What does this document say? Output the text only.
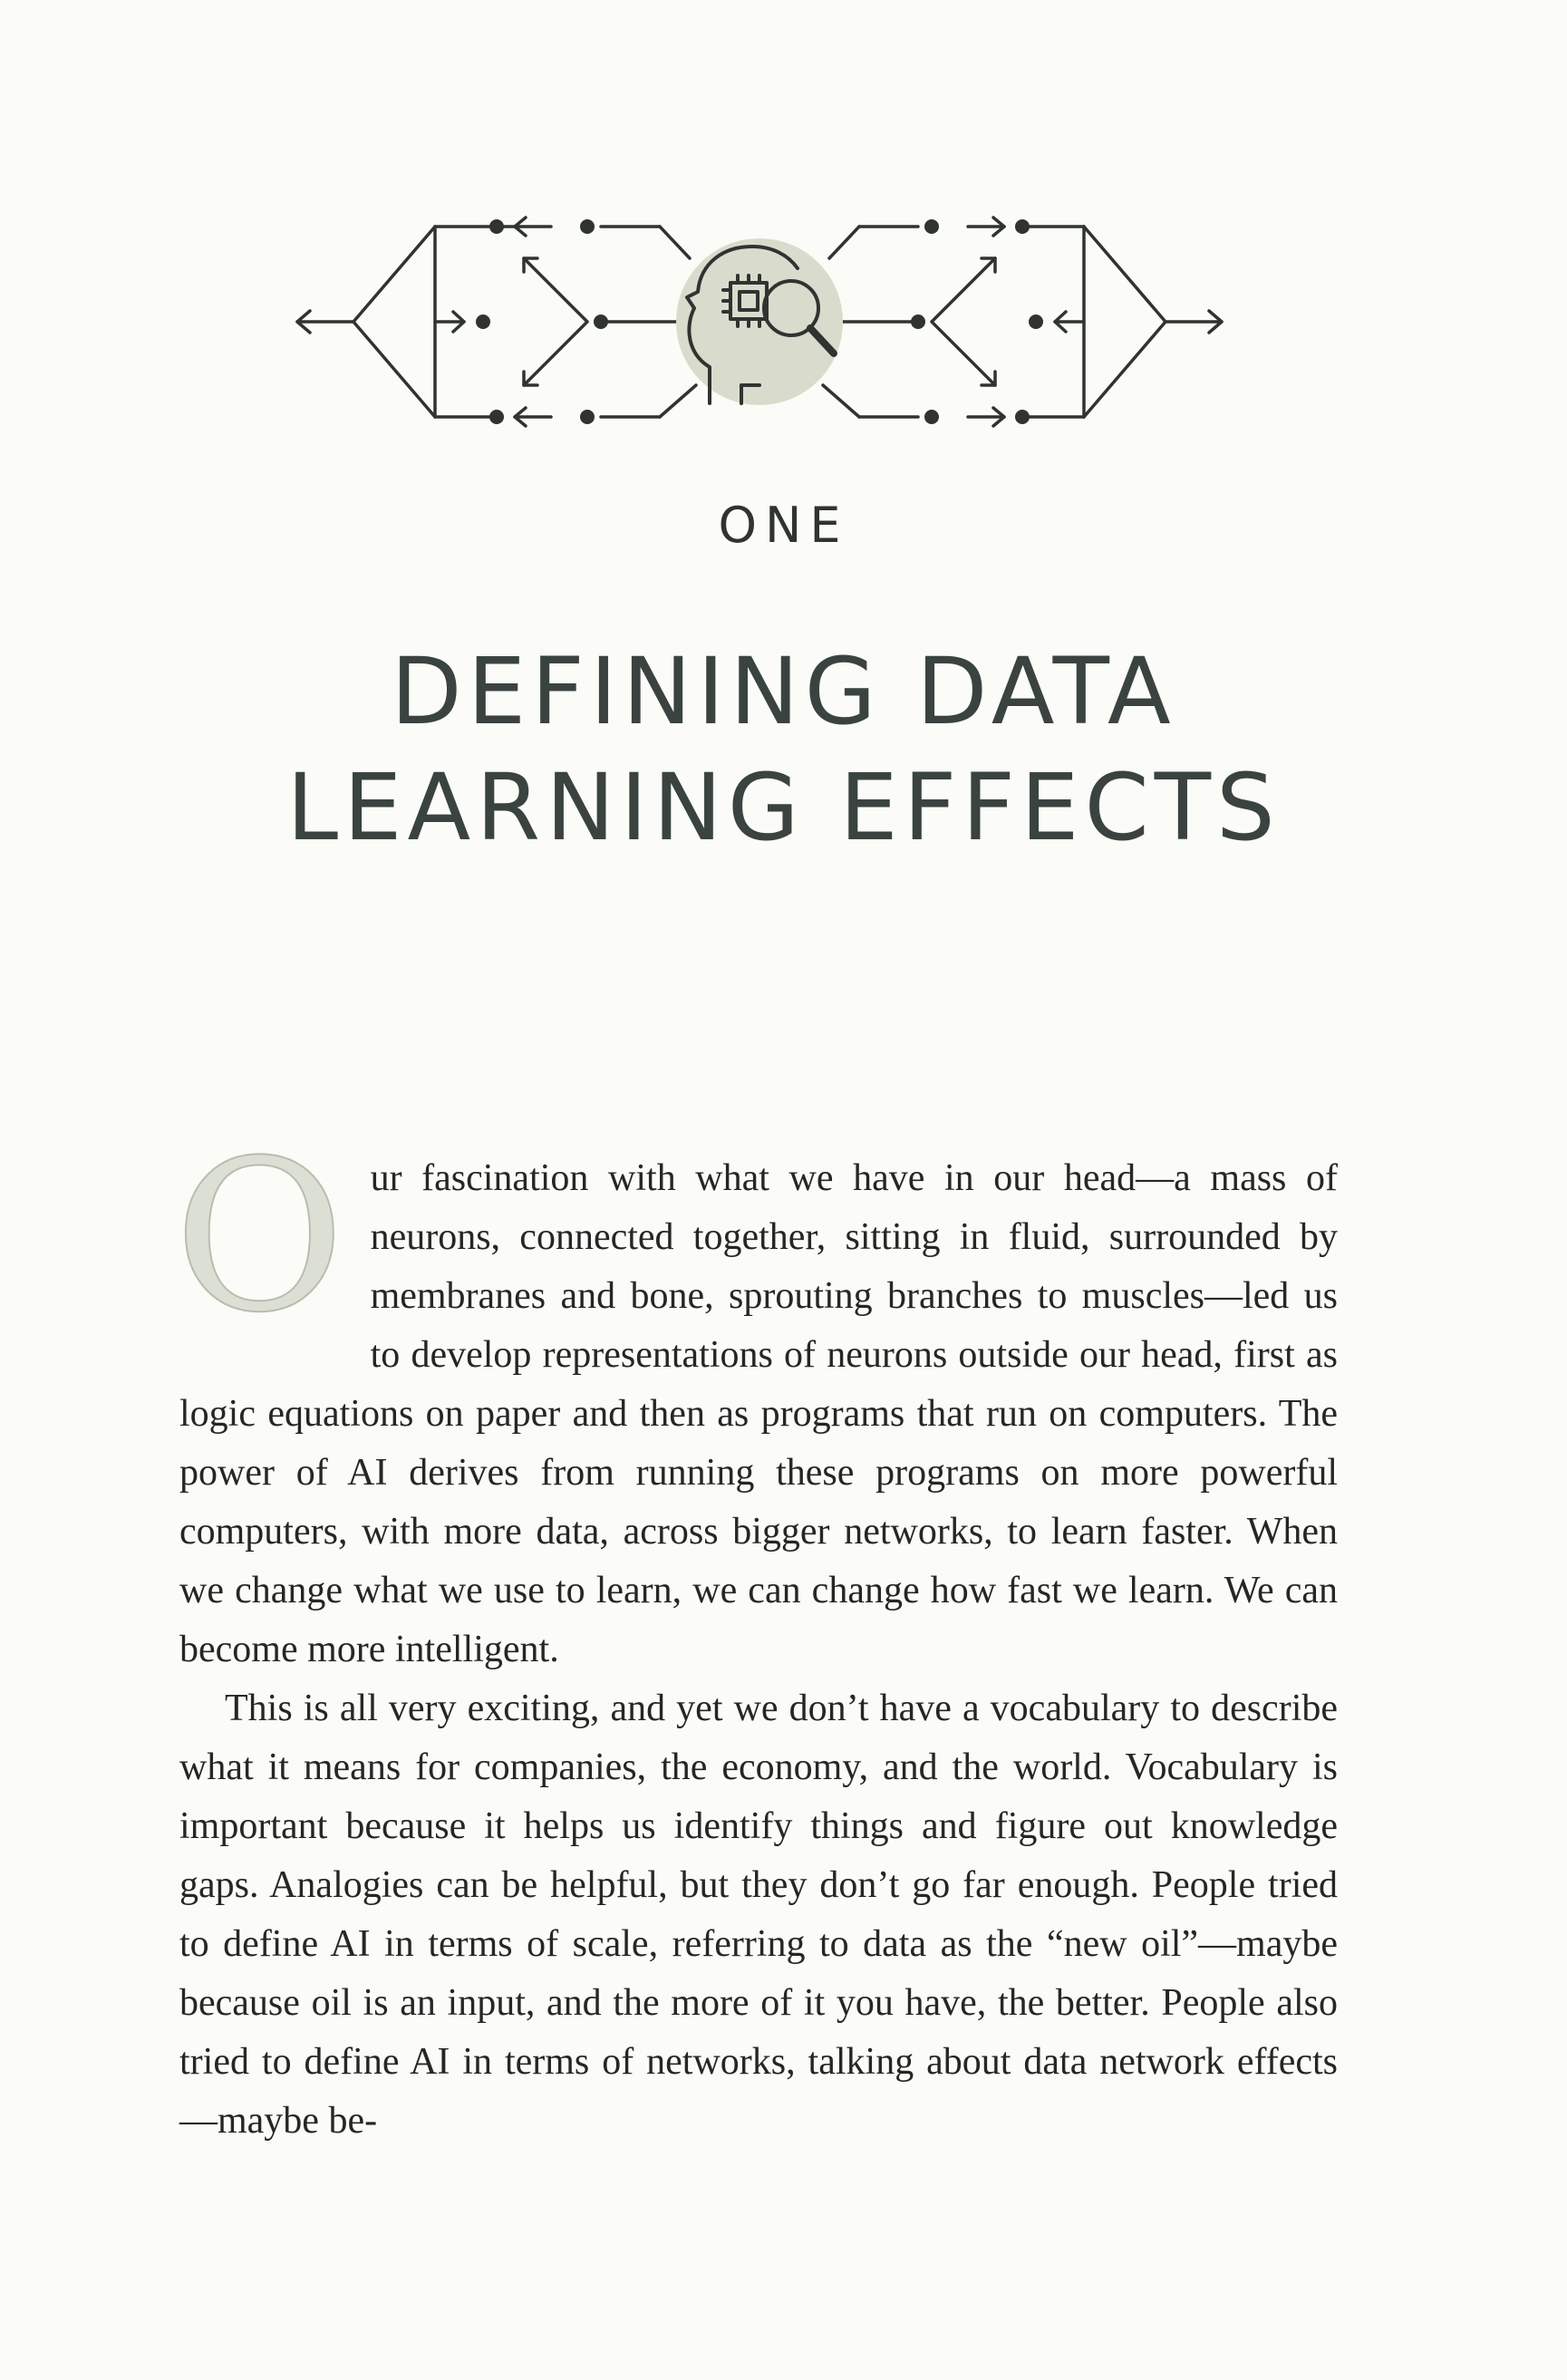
ONE
DEFINING DATA
LEARNING EFFECTS

Our fascination with what we have in our head—a mass of neurons, connected together, sitting in fluid, surrounded by membranes and bone, sprouting branches to muscles—led us to develop representations of neurons outside our head, first as logic equations on paper and then as programs that run on computers. The power of AI derives from running these programs on more powerful computers, with more data, across bigger networks, to learn faster. When we change what we use to learn, we can change how fast we learn. We can become more intelligent.

This is all very exciting, and yet we don’t have a vocabulary to describe what it means for companies, the economy, and the world. Vocabulary is important because it helps us identify things and figure out knowledge gaps. Analogies can be helpful, but they don’t go far enough. People tried to define AI in terms of scale, referring to data as the “new oil”—maybe because oil is an input, and the more of it you have, the better. People also tried to define AI in terms of networks, talking about data network effects—maybe be-
